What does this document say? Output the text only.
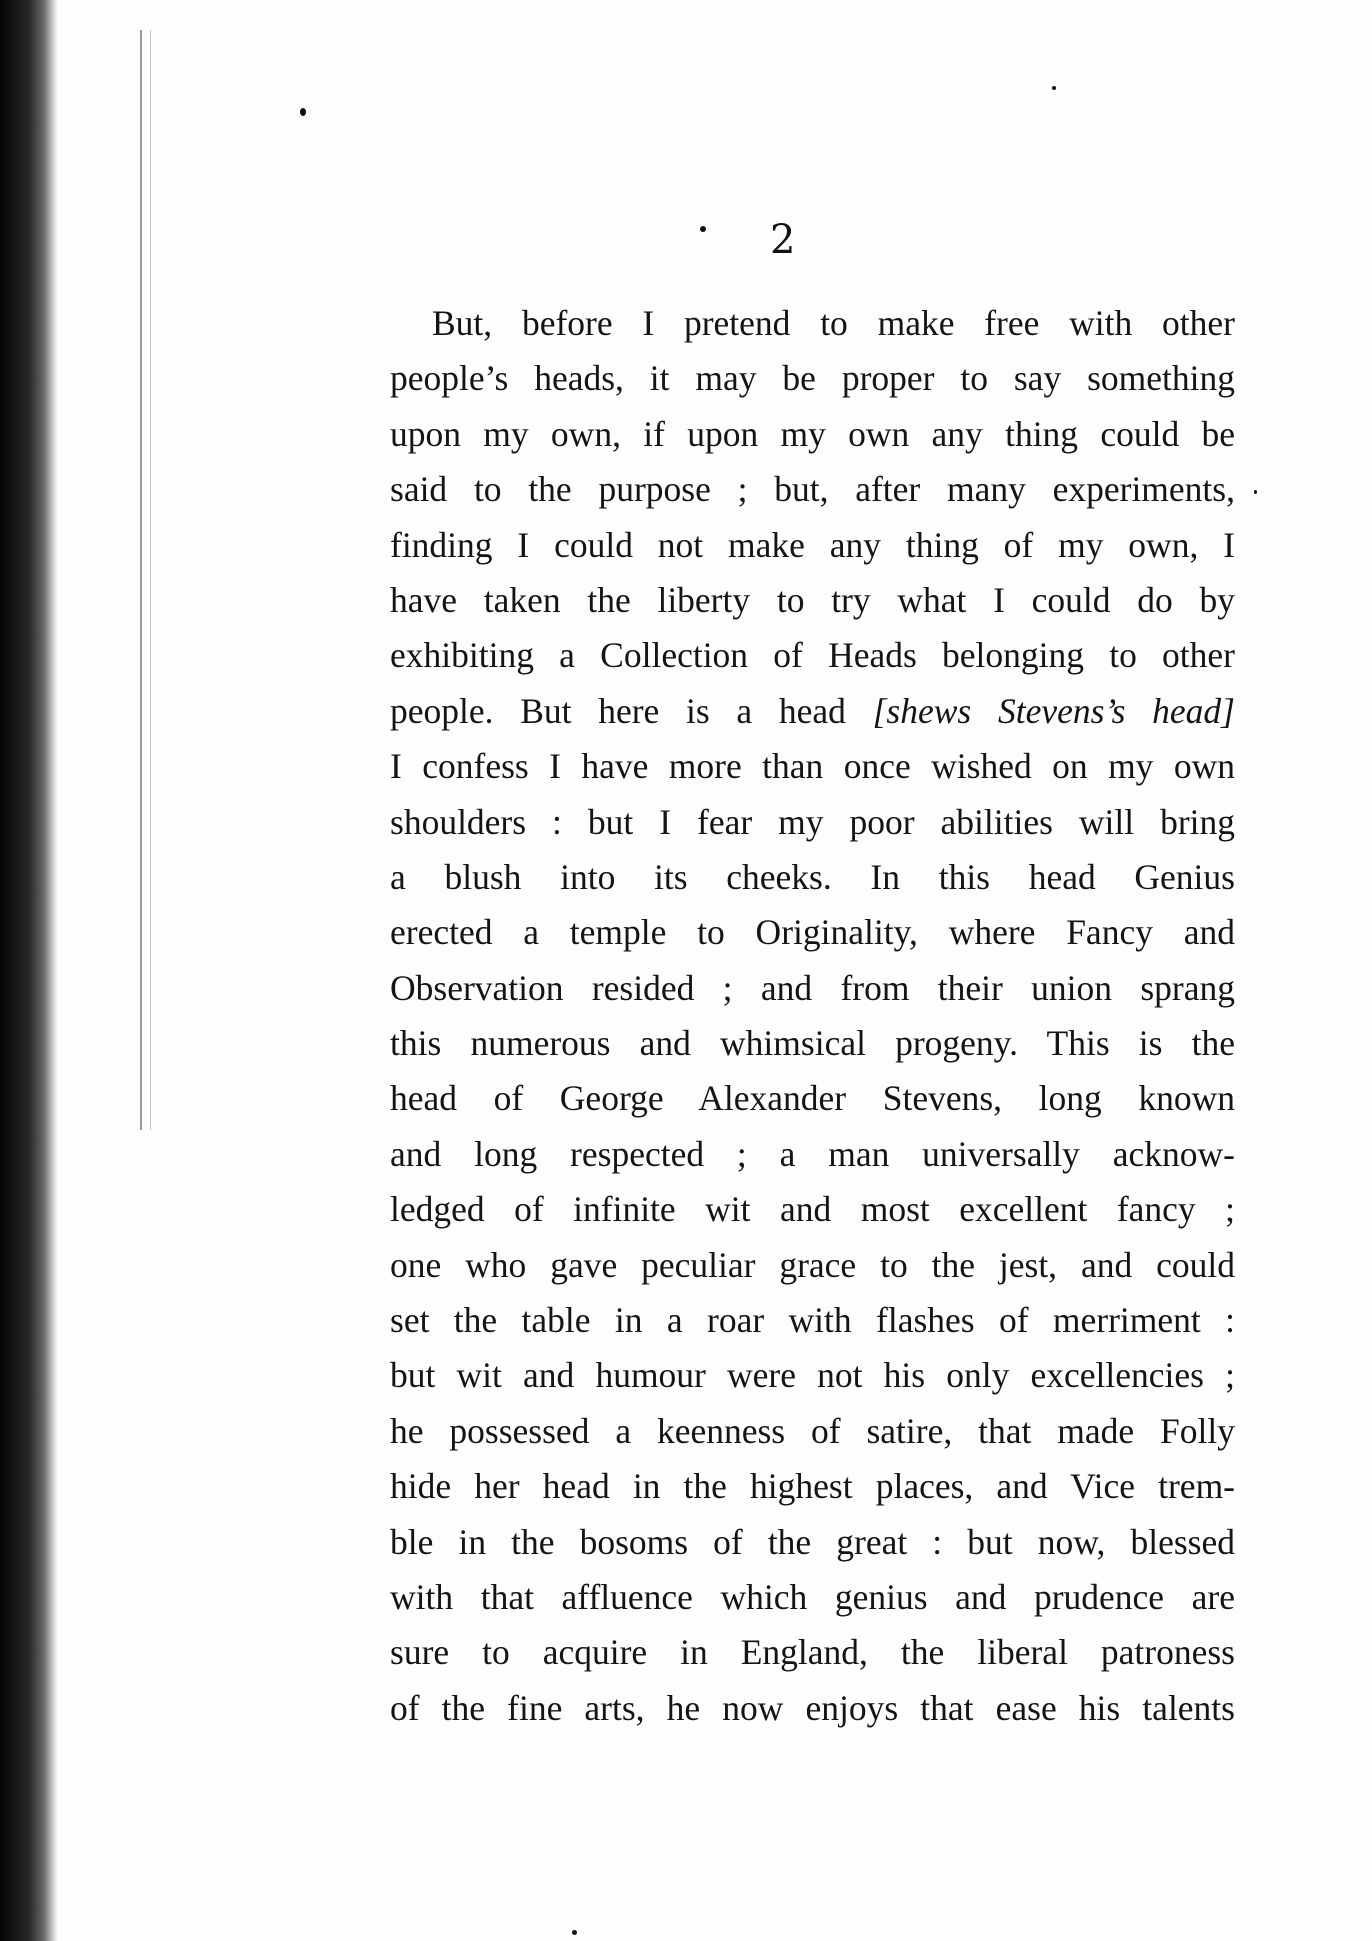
2
But, before I pretend to make free with other
people’s heads, it may be proper to say something
upon my own, if upon my own any thing could be
said to the purpose ; but, after many experiments,
finding I could not make any thing of my own, I
have taken the liberty to try what I could do by
exhibiting a Collection of Heads belonging to other
people. But here is a head [shews Stevens’s head]
I confess I have more than once wished on my own
shoulders : but I fear my poor abilities will bring
a blush into its cheeks. In this head Genius
erected a temple to Originality, where Fancy and
Observation resided ; and from their union sprang
this numerous and whimsical progeny. This is the
head of George Alexander Stevens, long known
and long respected ; a man universally acknow-
ledged of infinite wit and most excellent fancy ;
one who gave peculiar grace to the jest, and could
set the table in a roar with flashes of merriment :
but wit and humour were not his only excellencies ;
he possessed a keenness of satire, that made Folly
hide her head in the highest places, and Vice trem-
ble in the bosoms of the great : but now, blessed
with that affluence which genius and prudence are
sure to acquire in England, the liberal patroness
of the fine arts, he now enjoys that ease his talents
